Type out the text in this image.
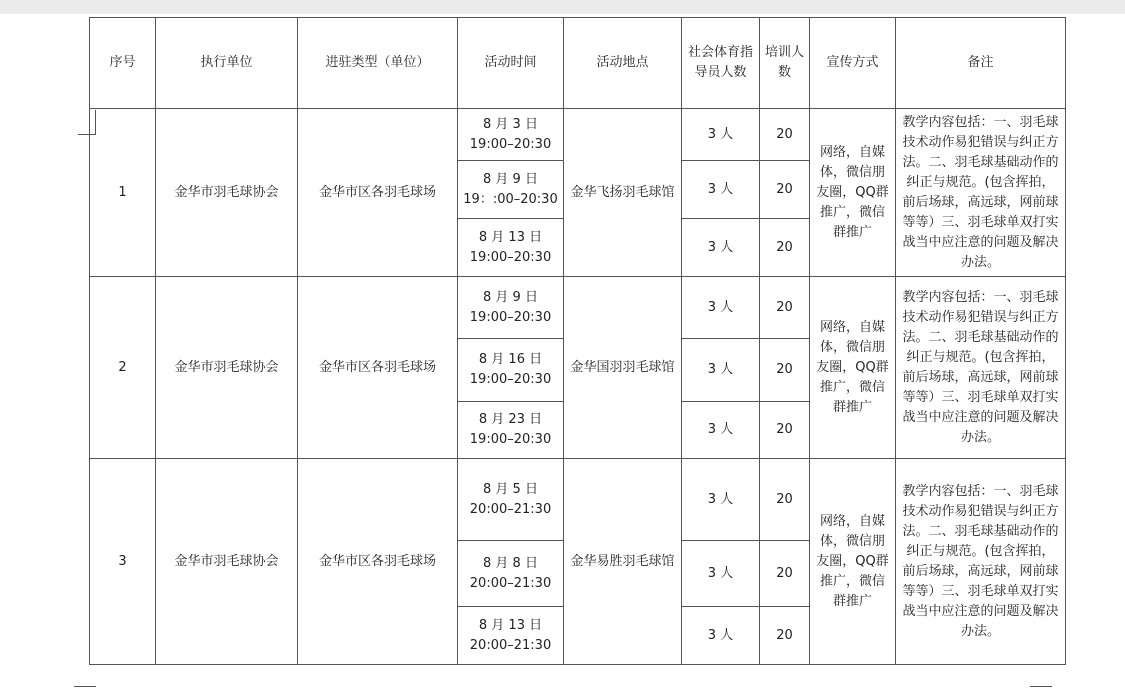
序号	执行单位	进驻类型（单位）	活动时间	活动地点	社会体育指导员人数	培训人数	宣传方式	备注
1	金华市羽毛球协会	金华市区各羽毛球场	8 月 3 日
19:00–20:30	金华飞扬羽毛球馆	3 人	20	网络，自媒体，微信朋友圈，QQ群推广，微信群推广	教学内容包括：一、羽毛球技术动作易犯错误与纠正方法。二、羽毛球基础动作的纠正与规范。(包含挥拍，前后场球，高远球，网前球等等）三、羽毛球单双打实战当中应注意的问题及解决办法。

			8 月 9 日
19：:00–20:30		3 人	20		

			8 月 13 日
19:00–20:30		3 人	20		
2	金华市羽毛球协会	金华市区各羽毛球场	8 月 9 日
19:00–20:30	金华国羽羽毛球馆	3 人	20	网络，自媒体，微信朋友圈，QQ群推广，微信群推广	教学内容包括：一、羽毛球技术动作易犯错误与纠正方法。二、羽毛球基础动作的纠正与规范。(包含挥拍，前后场球，高远球，网前球等等）三、羽毛球单双打实战当中应注意的问题及解决办法。

			8 月 16 日
19:00–20:30		3 人	20		

			8 月 23 日
19:00–20:30		3 人	20		
3	金华市羽毛球协会	金华市区各羽毛球场	8 月 5 日
20:00–21:30	金华易胜羽毛球馆	3 人	20	网络，自媒体，微信朋友圈，QQ群推广，微信群推广	教学内容包括：一、羽毛球技术动作易犯错误与纠正方法。二、羽毛球基础动作的纠正与规范。(包含挥拍，前后场球，高远球，网前球等等）三、羽毛球单双打实战当中应注意的问题及解决办法。

			8 月 8 日
20:00–21:30		3 人	20		

			8 月 13 日
20:00–21:30		3 人	20		
